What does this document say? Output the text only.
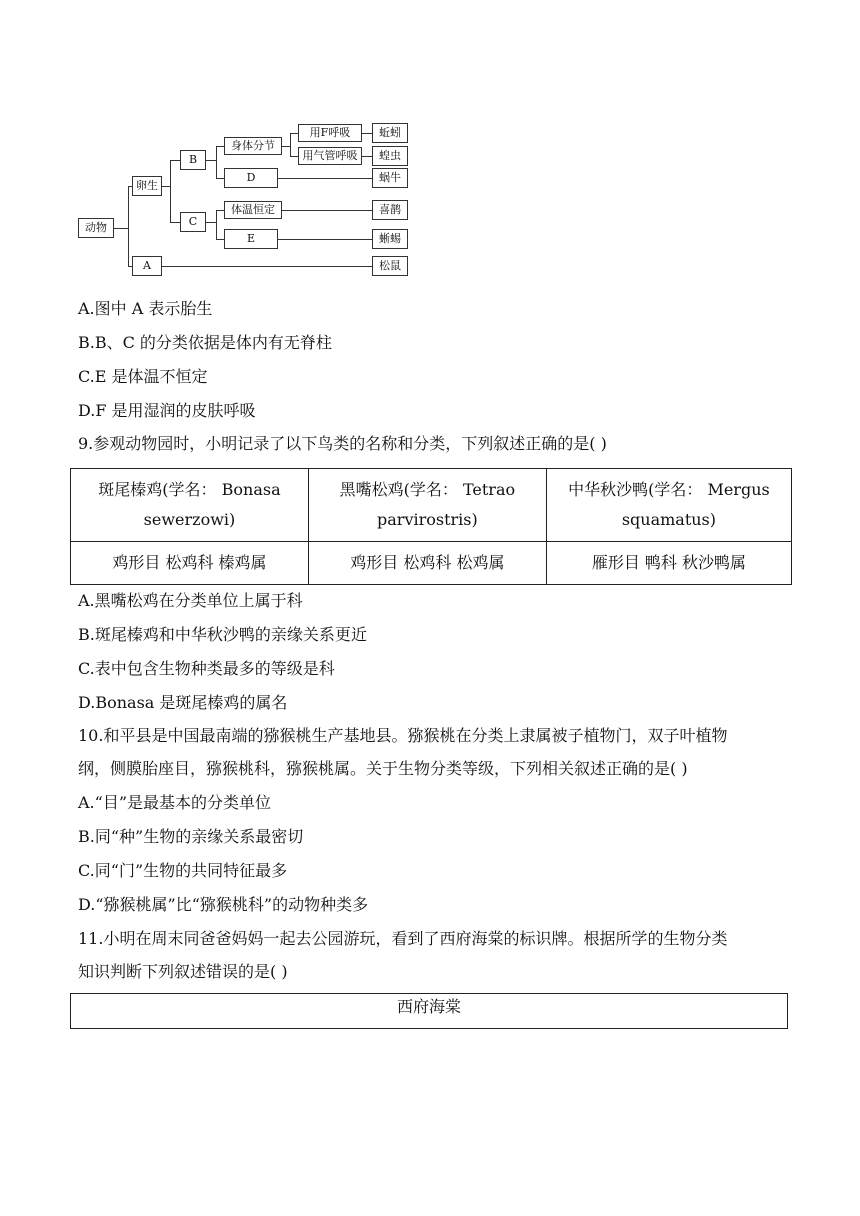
动物
卵生
A
B
C
身体分节
D
体温恒定
E
用F呼吸
用气管呼吸
蚯蚓
蝗虫
蜗牛
喜鹊
蜥蜴
松鼠
A.图中 A 表示胎生
B.B、C 的分类依据是体内有无脊柱
C.E 是体温不恒定
D.F 是用湿润的皮肤呼吸
9.参观动物园时，小明记录了以下鸟类的名称和分类，下列叙述正确的是( )
斑尾榛鸡(学名： Bonasa sewerzowi)	黑嘴松鸡(学名： Tetrao parvirostris)	中华秋沙鸭(学名： Mergus squamatus)
鸡形目 松鸡科 榛鸡属	鸡形目 松鸡科 松鸡属	雁形目 鸭科 秋沙鸭属
A.黑嘴松鸡在分类单位上属于科
B.斑尾榛鸡和中华秋沙鸭的亲缘关系更近
C.表中包含生物种类最多的等级是科
D.Bonasa 是斑尾榛鸡的属名
10.和平县是中国最南端的猕猴桃生产基地县。猕猴桃在分类上隶属被子植物门，双子叶植物
纲，侧膜胎座目，猕猴桃科，猕猴桃属。关于生物分类等级，下列相关叙述正确的是( )
A.“目”是最基本的分类单位
B.同“种”生物的亲缘关系最密切
C.同“门”生物的共同特征最多
D.“猕猴桃属”比“猕猴桃科”的动物种类多
11.小明在周末同爸爸妈妈一起去公园游玩，看到了西府海棠的标识牌。根据所学的生物分类
知识判断下列叙述错误的是( )
西府海棠
